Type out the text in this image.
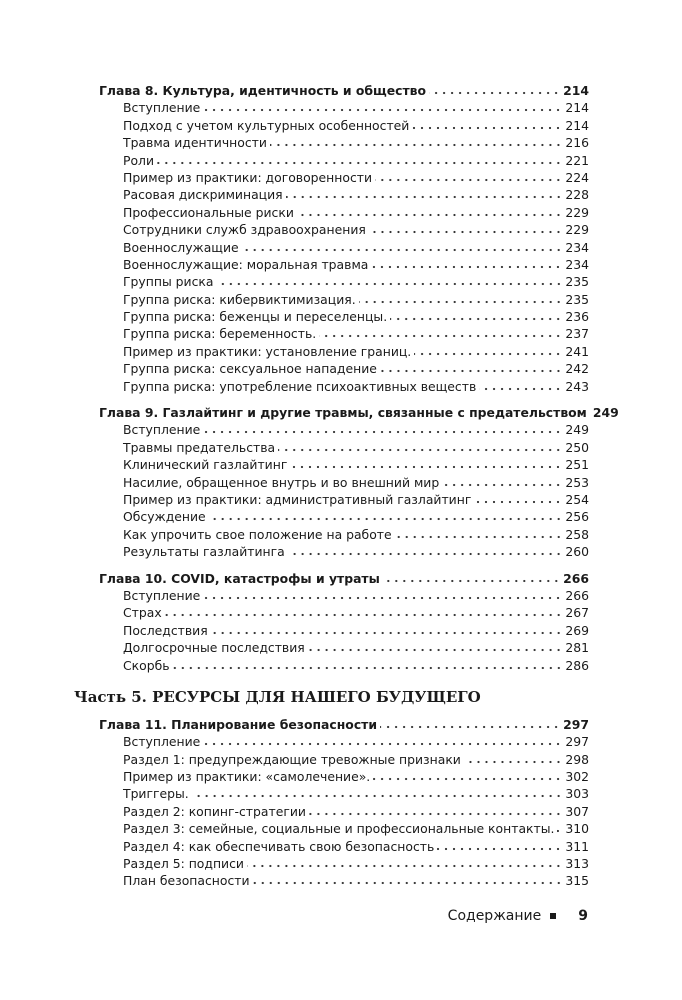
Глава 8. Культура, идентичность и общество	214
Вступление	214
Подход с учетом культурных особенностей	214
Травма идентичности	216
Роли	221
Пример из практики: договоренности	224
Расовая дискриминация	228
Профессиональные риски	229
Сотрудники служб здравоохранения	229
Военнослужащие	234
Военнослужащие: моральная травма	234
Группы риска	235
Группа риска: кибервиктимизация.	235
Группа риска: беженцы и переселенцы.	236
Группа риска: беременность.	237
Пример из практики: установление границ.	241
Группа риска: сексуальное нападение	242
Группа риска: употребление психоактивных веществ	243
Глава 9. Газлайтинг и другие травмы, связанные с предательством 249
Вступление	249
Травмы предательства	250
Клинический газлайтинг	251
Насилие, обращенное внутрь и во внешний мир	253
Пример из практики: административный газлайтинг	254
Обсуждение	256
Как упрочить свое положение на работе	258
Результаты газлайтинга	260
Глава 10. COVID, катастрофы и утраты	266
Вступление	266
Страх	267
Последствия	269
Долгосрочные последствия	281
Скорбь	286
Часть 5. РЕСУРСЫ ДЛЯ НАШЕГО БУДУЩЕГО
Глава 11. Планирование безопасности	297
Вступление	297
Раздел 1: предупреждающие тревожные признаки	298
Пример из практики: «самолечение».	302
Триггеры.	303
Раздел 2: копинг-стратегии	307
Раздел 3: семейные, социальные и профессиональные контакты. 310
Раздел 4: как обеспечивать свою безопасность	311
Раздел 5: подписи	313
План безопасности	315
Содержание	9
